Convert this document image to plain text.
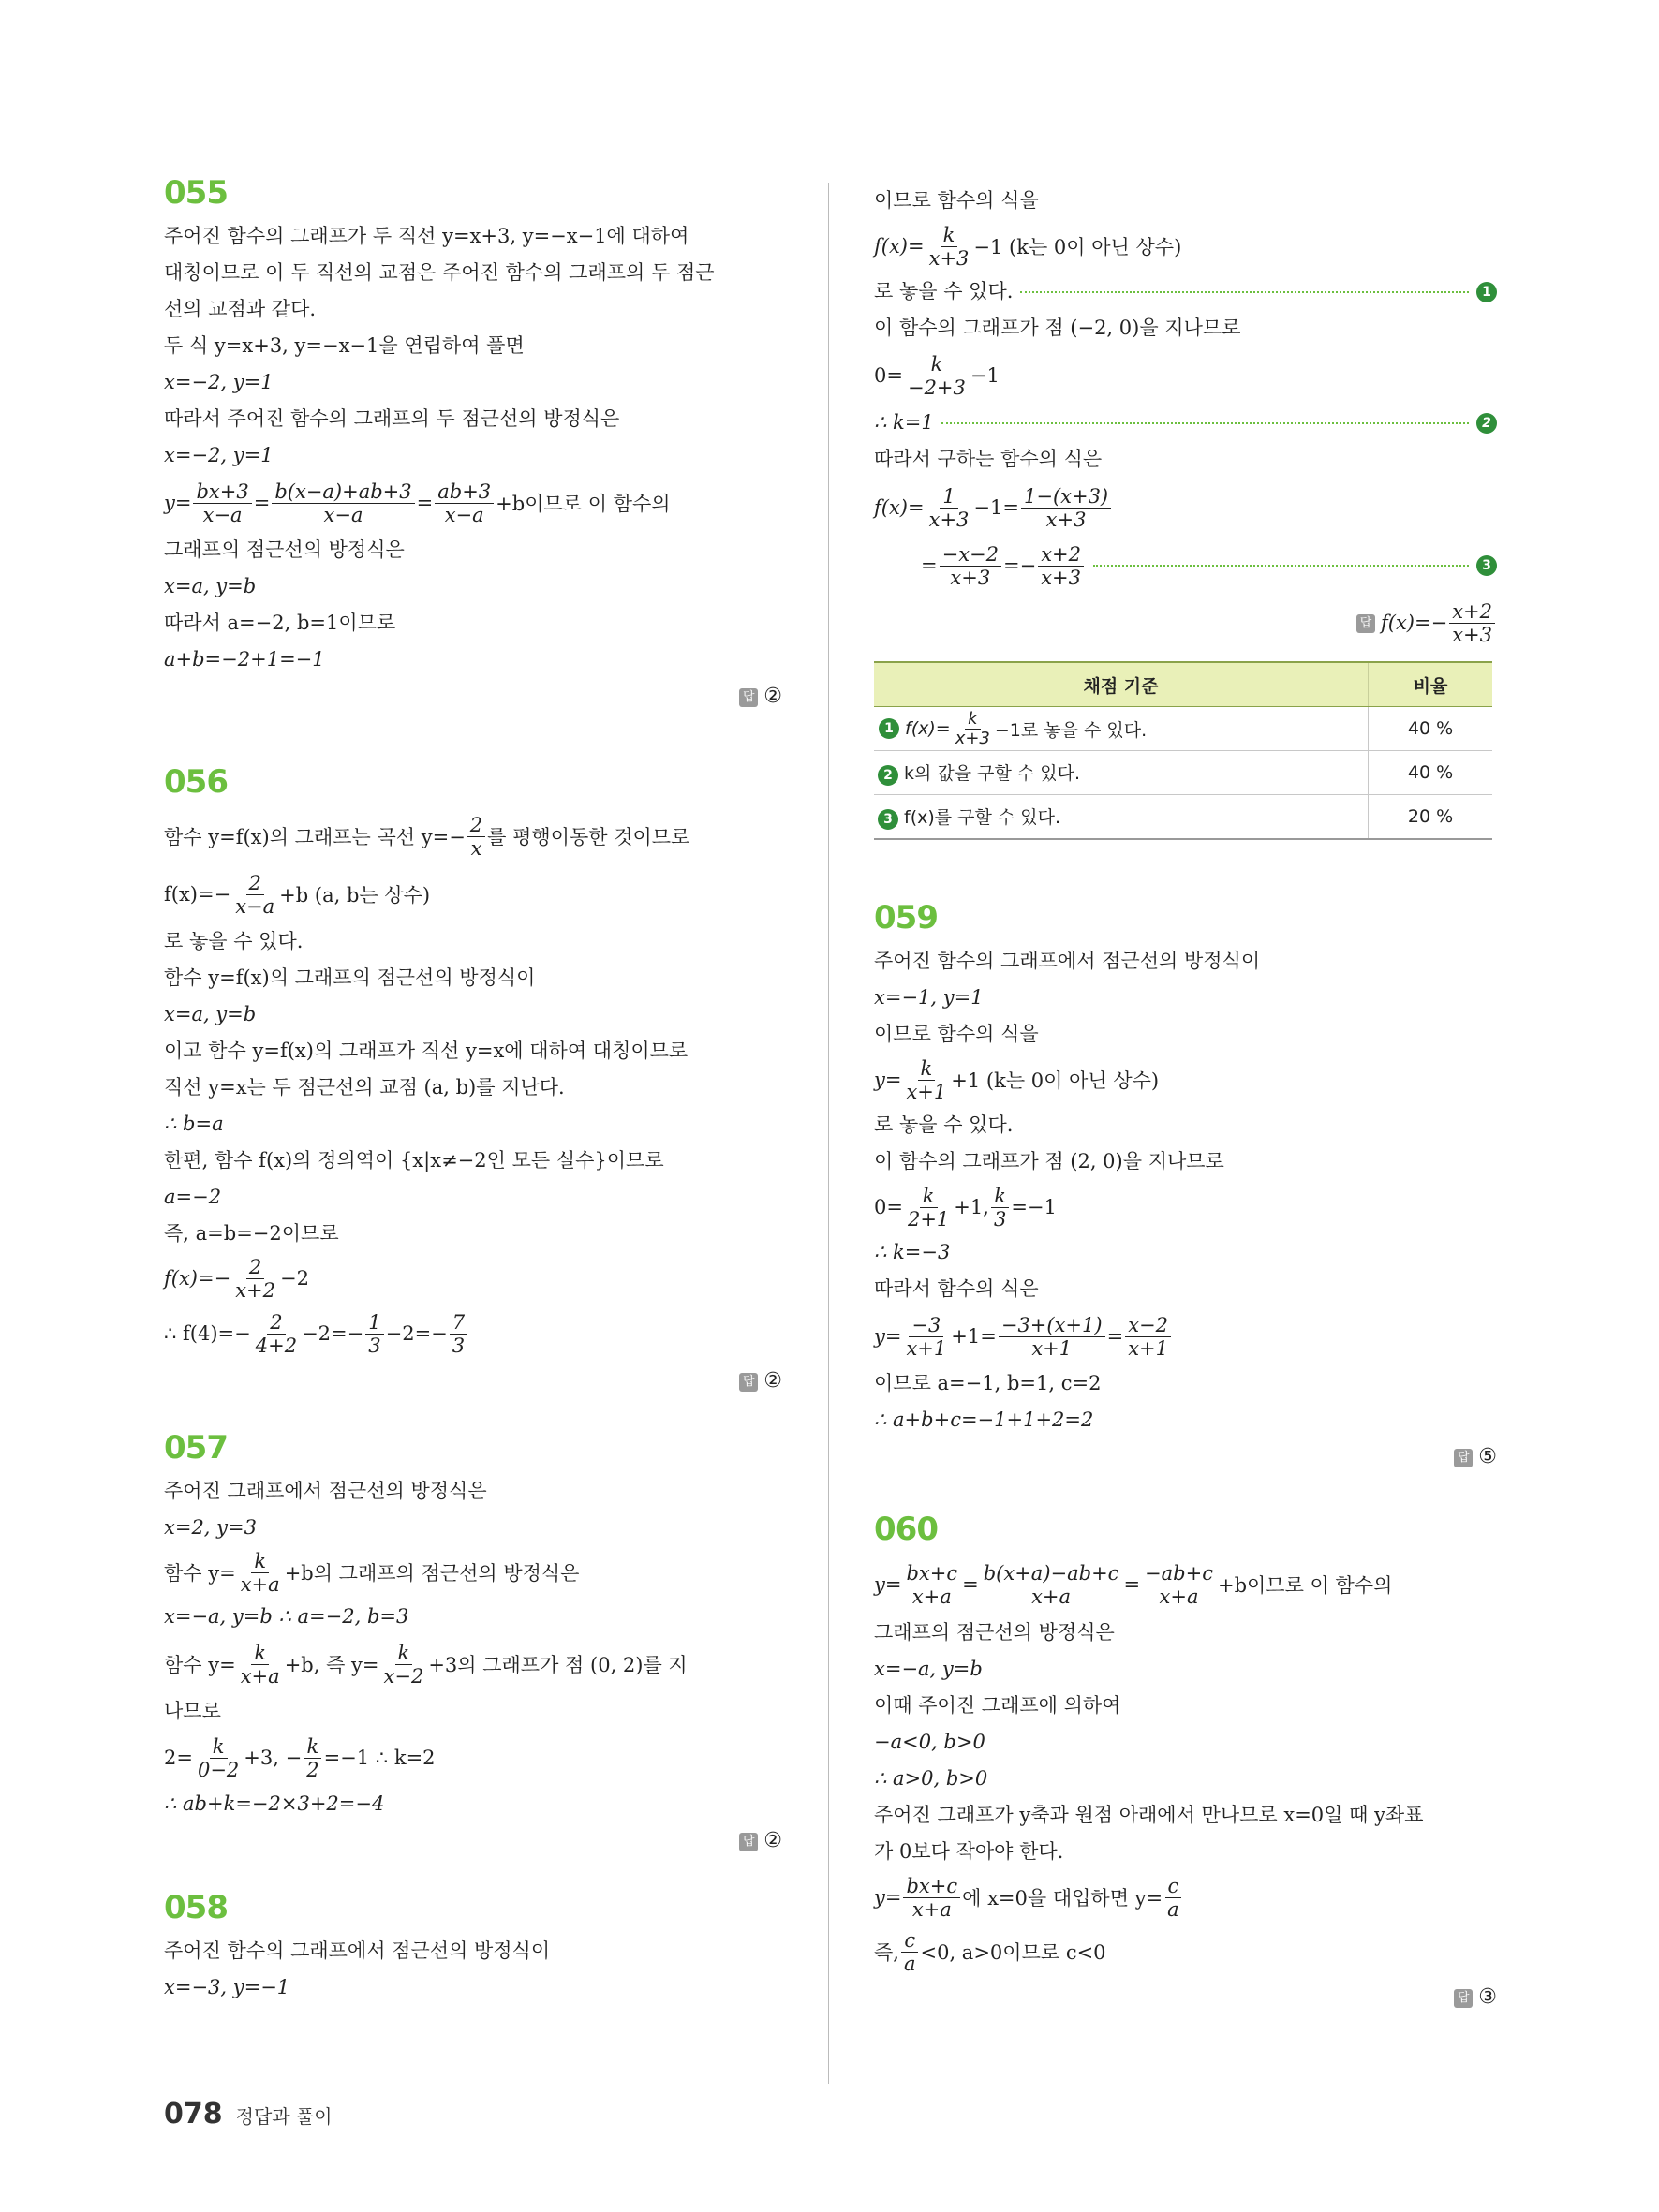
055
주어진 함수의 그래프가 두 직선 y=x+3, y=−x−1에 대하여
대칭이므로 이 두 직선의 교점은 주어진 함수의 그래프의 두 점근
선의 교점과 같다.
두 식 y=x+3, y=−x−1을 연립하여 풀면
x=−2, y=1
따라서 주어진 함수의 그래프의 두 점근선의 방정식은
x=−2, y=1
$y= \frac{bx+3}{x-a} = \frac{b(x-a)+ab+3}{x-a} = \frac{ab+3}{x-a} +b$이므로 이 함수의
그래프의 점근선의 방정식은
x=a, y=b
따라서 a=−2, b=1이므로
a+b=−2+1=−1
답 ②
056
함수 y=f(x)의 그래프는 곡선 $y=- \frac{2}{x}$ 를 평행이동한 것이므로
$f(x)=- \frac{2}{x-a} +b$ (a, b는 상수)
로 놓을 수 있다.
함수 y=f(x)의 그래프의 점근선의 방정식이
x=a, y=b
이고 함수 y=f(x)의 그래프가 직선 y=x에 대하여 대칭이므로
직선 y=x는 두 점근선의 교점 (a, b)를 지난다.
∴ b=a
한편, 함수 f(x)의 정의역이 {x|x≠−2인 모든 실수}이므로
a=−2
즉, a=b=−2이므로
$f(x)=- \frac{2}{x+2} -2$
∴ $f(4)=- \frac{2}{4+2} -2=- \frac{1}{3} -2=- \frac{7}{3}$
답 ②
057
주어진 그래프에서 점근선의 방정식은
x=2, y=3
함수 $y= \frac{k}{x+a} +b$의 그래프의 점근선의 방정식은
x=−a, y=b ∴ a=−2, b=3
함수 $y= \frac{k}{x+a} +b$, 즉 $y= \frac{k}{x-2} +3$의 그래프가 점 (0, 2)를 지
나므로
$2= \frac{k}{0-2} +3$, − $\frac{k}{2} =-1$ ∴ k=2
∴ ab+k=−2×3+2=−4
답 ②
058
주어진 함수의 그래프에서 점근선의 방정식이
x=−3, y=−1
이므로 함수의 식을
$f(x)= \frac{k}{x+3} -1$ (k는 0이 아닌 상수)
로 놓을 수 있다.	1
이 함수의 그래프가 점 (−2, 0)을 지나므로
$0= \frac{k}{-2+3} -1$
∴ k=1	2
따라서 구하는 함수의 식은
$f(x)= \frac{1}{x+3} -1= \frac{1-(x+3)}{x+3}$
= $\frac{-x-2}{x+3} =- \frac{x+2}{x+3}$	3
답 $f(x)=- \frac{x+2}{x+3}$
채점 기준	비율

1 $f(x)= \frac{k}{x+3} -1$로 놓을 수 있다.	40 %
2 k의 값을 구할 수 있다.	40 %
3 f(x)를 구할 수 있다.	20 %
059
주어진 함수의 그래프에서 점근선의 방정식이
x=−1, y=1
이므로 함수의 식을
$y= \frac{k}{x+1} +1$ (k는 0이 아닌 상수)
로 놓을 수 있다.
이 함수의 그래프가 점 (2, 0)을 지나므로
$0= \frac{k}{2+1} +1$, $\frac{k}{3} =-1$
∴ k=−3
따라서 함수의 식은
$y= \frac{-3}{x+1} +1= \frac{-3+(x+1)}{x+1} = \frac{x-2}{x+1}$
이므로 a=−1, b=1, c=2
∴ a+b+c=−1+1+2=2
답 ⑤
060
$y= \frac{bx+c}{x+a} = \frac{b(x+a)-ab+c}{x+a} = \frac{-ab+c}{x+a} +b$이므로 이 함수의
그래프의 점근선의 방정식은
x=−a, y=b
이때 주어진 그래프에 의하여
−a<0, b>0
∴ a>0, b>0
주어진 그래프가 y축과 원점 아래에서 만나므로 x=0일 때 y좌표
가 0보다 작아야 한다.
$y= \frac{bx+c}{x+a}$ 에 x=0을 대입하면 $y= \frac{c}{a}$
즉, $\frac{c}{a} <0$, a>0이므로 c<0
답 ③
078 정답과 풀이
